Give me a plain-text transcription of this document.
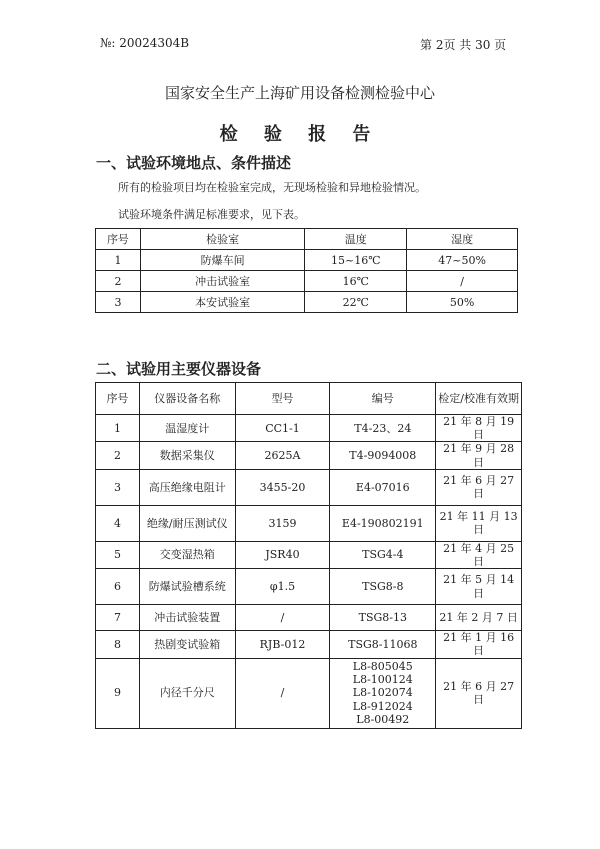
№: 20024304B	第 2页 共 30 页
国家安全生产上海矿用设备检测检验中心
检 验 报 告
一、试验环境地点、条件描述
所有的检验项目均在检验室完成，无现场检验和异地检验情况。
试验环境条件满足标准要求，见下表。
序号	检验室	温度	湿度
1	防爆车间	15~16℃	47~50%
2	冲击试验室	16℃	/
3	本安试验室	22℃	50%
二、试验用主要仪器设备
序号	仪器设备名称	型号	编号	检定/校准有效期
1	温湿度计	CC1-1	T4-23、24	21 年 8 月 19 日
2	数据采集仪	2625A	T4-9094008	21 年 9 月 28 日
3	高压绝缘电阻计	3455-20	E4-07016	21 年 6 月 27 日
4	绝缘/耐压测试仪	3159	E4-190802191	21 年 11 月 13 日
5	交变湿热箱	JSR40	TSG4-4	21 年 4 月 25 日
6	防爆试验槽系统	φ1.5	TSG8-8	21 年 5 月 14 日
7	冲击试验装置	/	TSG8-13	21 年 2 月 7 日
8	热剧变试验箱	RJB-012	TSG8-11068	21 年 1 月 16 日
9	内径千分尺	/	L8-805045
L8-100124
L8-102074
L8-912024
L8-00492	21 年 6 月 27 日
